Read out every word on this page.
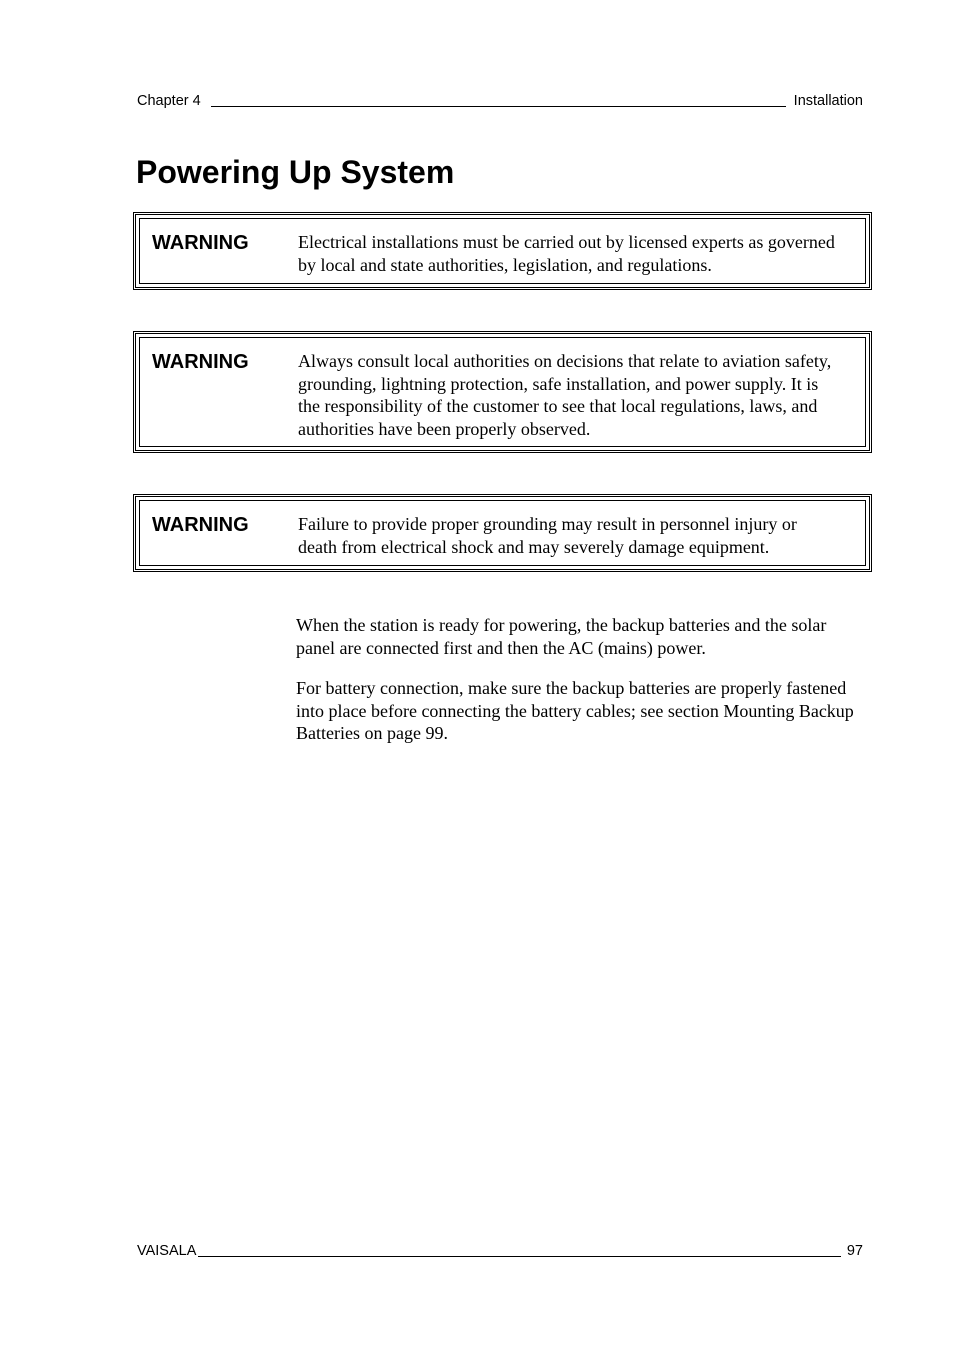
Chapter 4	Installation
Powering Up System
WARNING	Electrical installations must be carried out by licensed experts as governed by local and state authorities, legislation, and regulations.
WARNING	Always consult local authorities on decisions that relate to aviation safety, grounding, lightning protection, safe installation, and power supply. It is the responsibility of the customer to see that local regulations, laws, and authorities have been properly observed.
WARNING	Failure to provide proper grounding may result in personnel injury or death from electrical shock and may severely damage equipment.

When the station is ready for powering, the backup batteries and the solar panel are connected first and then the AC (mains) power.

For battery connection, make sure the backup batteries are properly fastened into place before connecting the battery cables; see section Mounting Backup Batteries on page 99.

VAISALA	97
